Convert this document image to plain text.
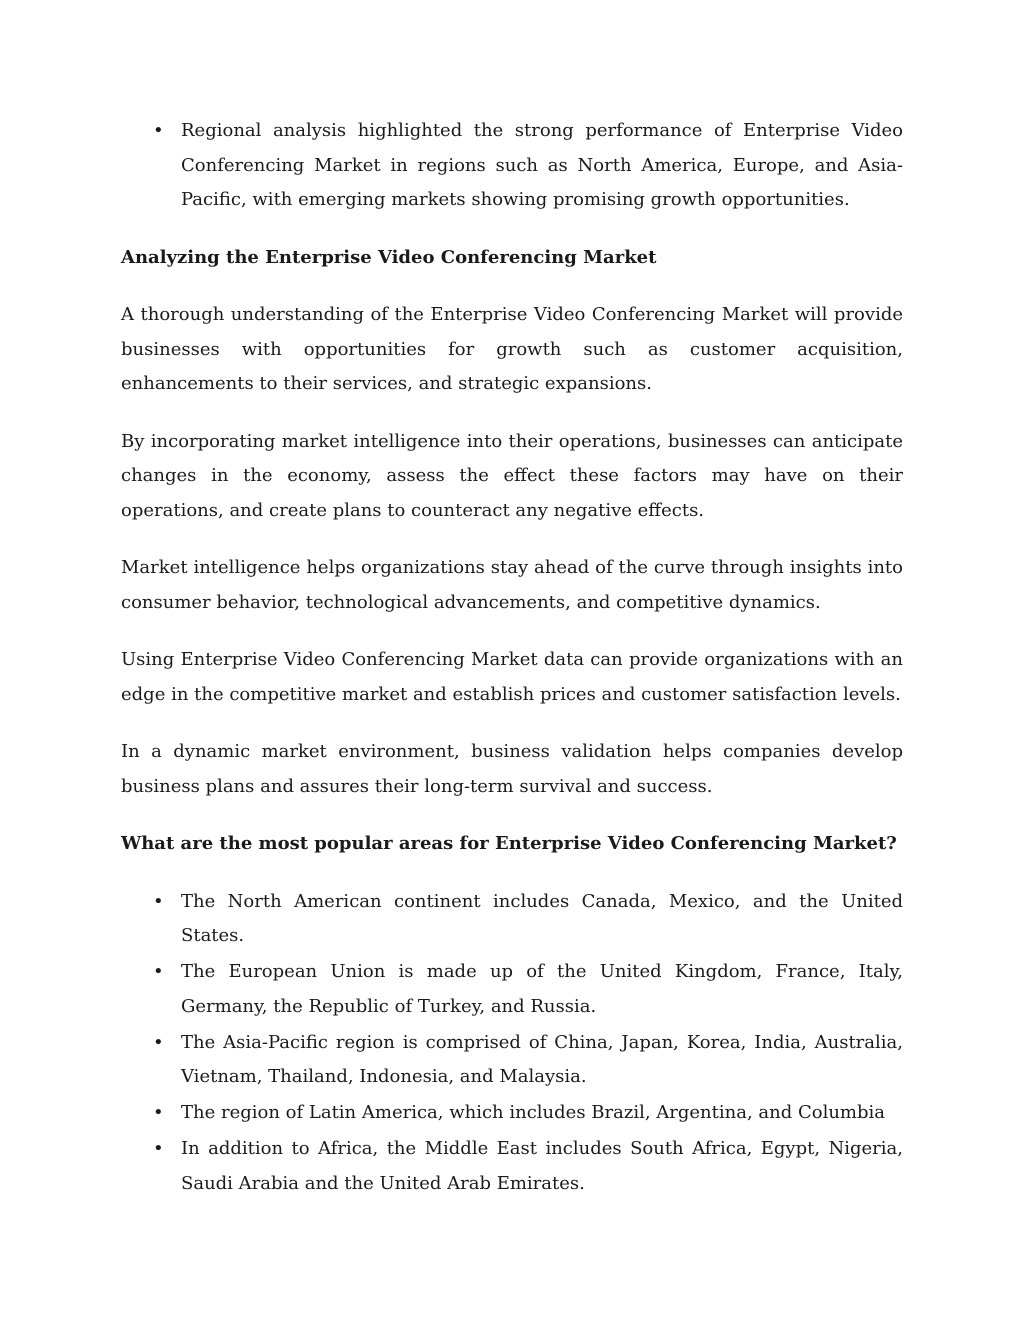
• Regional analysis highlighted the strong performance of Enterprise Video Conferencing Market in regions such as North America, Europe, and Asia-Pacific, with emerging markets showing promising growth opportunities.

Analyzing the Enterprise Video Conferencing Market

A thorough understanding of the Enterprise Video Conferencing Market will provide businesses with opportunities for growth such as customer acquisition, enhancements to their services, and strategic expansions.

By incorporating market intelligence into their operations, businesses can anticipate changes in the economy, assess the effect these factors may have on their operations, and create plans to counteract any negative effects.

Market intelligence helps organizations stay ahead of the curve through insights into consumer behavior, technological advancements, and competitive dynamics.

Using Enterprise Video Conferencing Market data can provide organizations with an edge in the competitive market and establish prices and customer satisfaction levels.

In a dynamic market environment, business validation helps companies develop business plans and assures their long-term survival and success.

What are the most popular areas for Enterprise Video Conferencing Market?

• The North American continent includes Canada, Mexico, and the United States.
• The European Union is made up of the United Kingdom, France, Italy, Germany, the Republic of Turkey, and Russia.
• The Asia-Pacific region is comprised of China, Japan, Korea, India, Australia, Vietnam, Thailand, Indonesia, and Malaysia.
• The region of Latin America, which includes Brazil, Argentina, and Columbia
• In addition to Africa, the Middle East includes South Africa, Egypt, Nigeria, Saudi Arabia and the United Arab Emirates.
